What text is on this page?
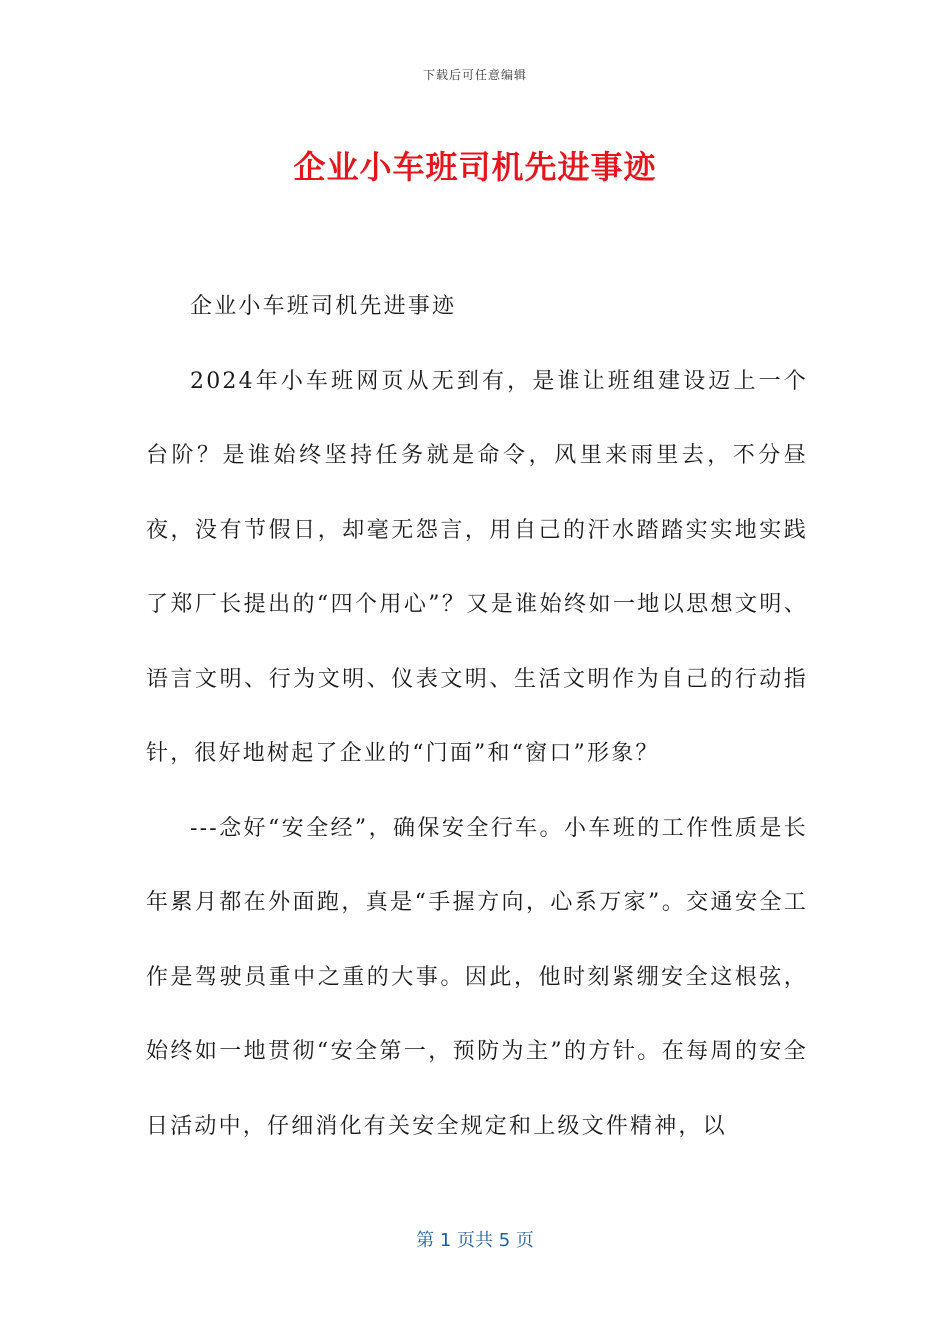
下载后可任意编辑
企业小车班司机先进事迹

企业小车班司机先进事迹

2024年小车班网页从无到有，是谁让班组建设迈上一个台阶？是谁始终坚持任务就是命令，风里来雨里去，不分昼夜，没有节假日，却毫无怨言，用自己的汗水踏踏实实地实践了郑厂长提出的“四个用心”？又是谁始终如一地以思想文明、语言文明、行为文明、仪表文明、生活文明作为自己的行动指针，很好地树起了企业的“门面”和“窗口”形象？

---念好“安全经”，确保安全行车。小车班的工作性质是长年累月都在外面跑，真是“手握方向，心系万家”。交通安全工作是驾驶员重中之重的大事。因此，他时刻紧绷安全这根弦，始终如一地贯彻“安全第一，预防为主”的方针。在每周的安全日活动中，仔细消化有关安全规定和上级文件精神，以

第 1 页共 5 页
